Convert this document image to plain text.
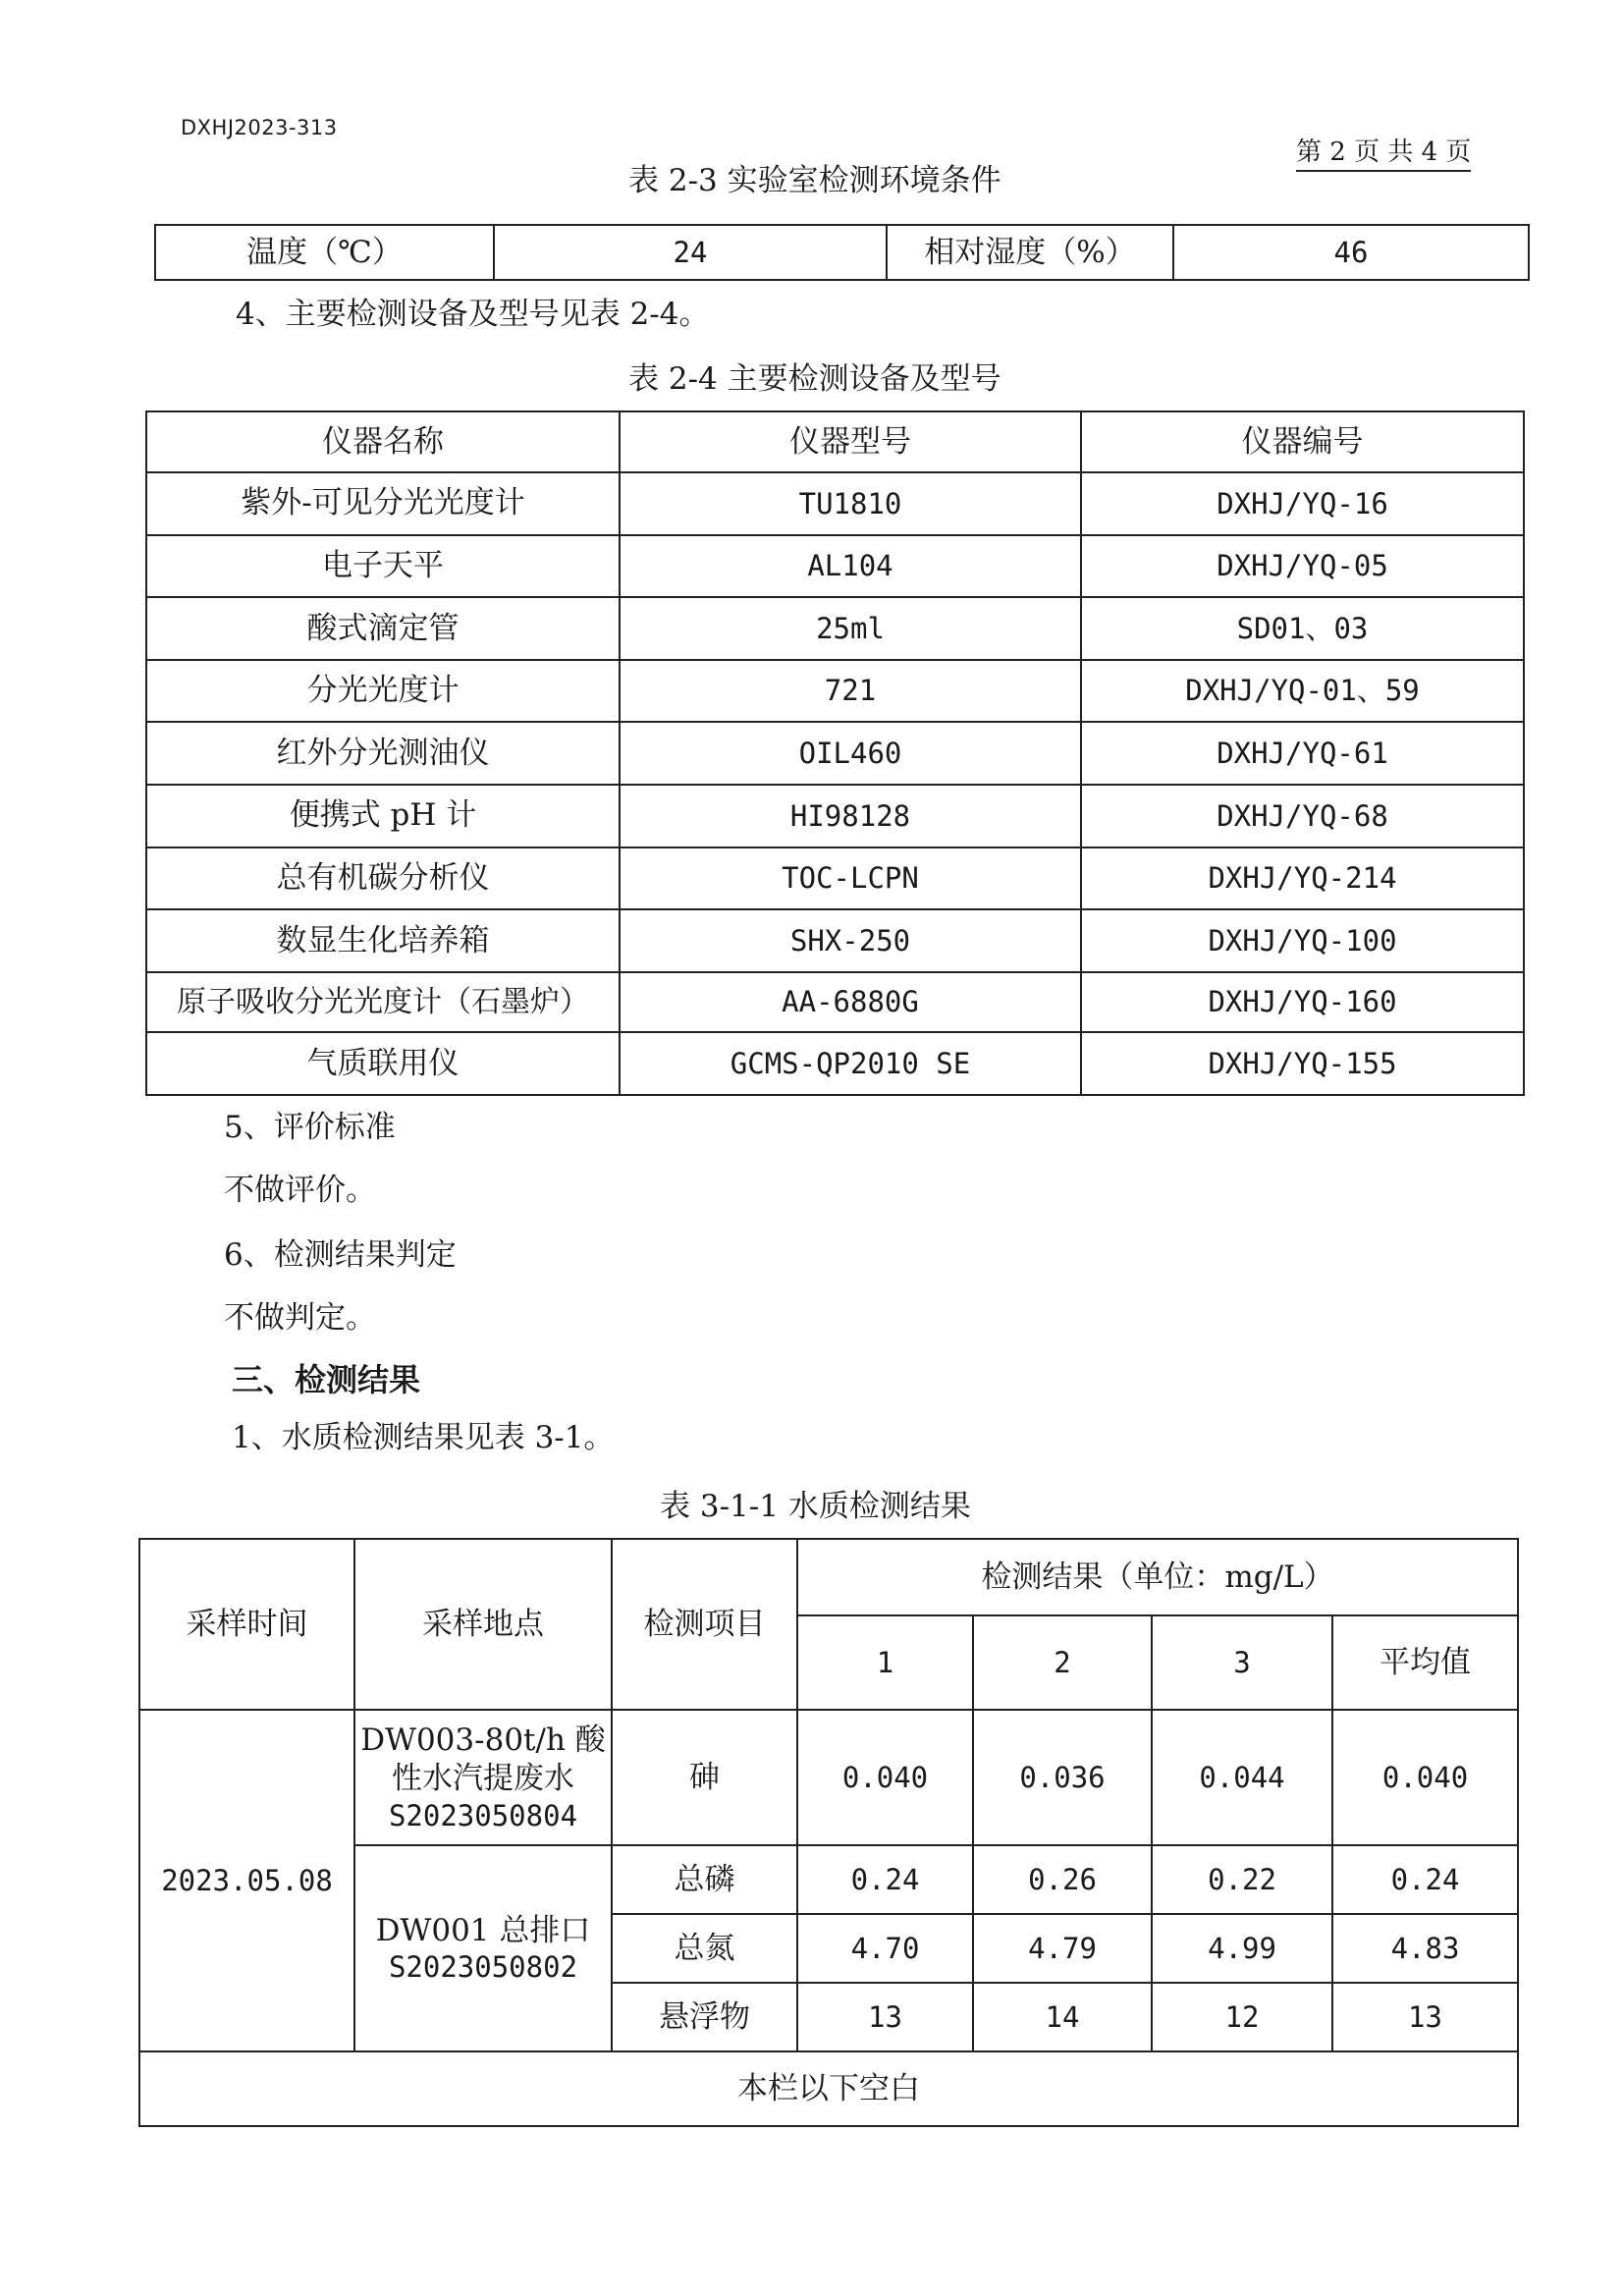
DXHJ2023-313
第 2 页 共 4 页
表 2-3 实验室检测环境条件
温度（℃）	24	相对湿度（%）	46
4、主要检测设备及型号见表 2-4。
表 2-4 主要检测设备及型号
仪器名称	仪器型号	仪器编号
紫外-可见分光光度计	TU1810	DXHJ/YQ-16
电子天平	AL104	DXHJ/YQ-05
酸式滴定管	25ml	SD01、03
分光光度计	721	DXHJ/YQ-01、59
红外分光测油仪	OIL460	DXHJ/YQ-61
便携式 pH 计	HI98128	DXHJ/YQ-68
总有机碳分析仪	TOC-LCPN	DXHJ/YQ-214
数显生化培养箱	SHX-250	DXHJ/YQ-100
原子吸收分光光度计（石墨炉）	AA-6880G	DXHJ/YQ-160
气质联用仪	GCMS-QP2010 SE	DXHJ/YQ-155
5、评价标准
不做评价。
6、检测结果判定
不做判定。
三、检测结果
1、水质检测结果见表 3-1。
表 3-1-1 水质检测结果
采样时间	采样地点	检测项目	检测结果（单位：mg/L）			
			1	2	3	平均值
2023.05.08	DW003-80t/h 酸
性水汽提废水
S2023050804	砷	0.040	0.036	0.044	0.040

	DW001 总排口
S2023050802	总磷	0.24	0.26	0.22	0.24
		总氮	4.70	4.79	4.99	4.83
		悬浮物	13	14	12	13
本栏以下空白						
